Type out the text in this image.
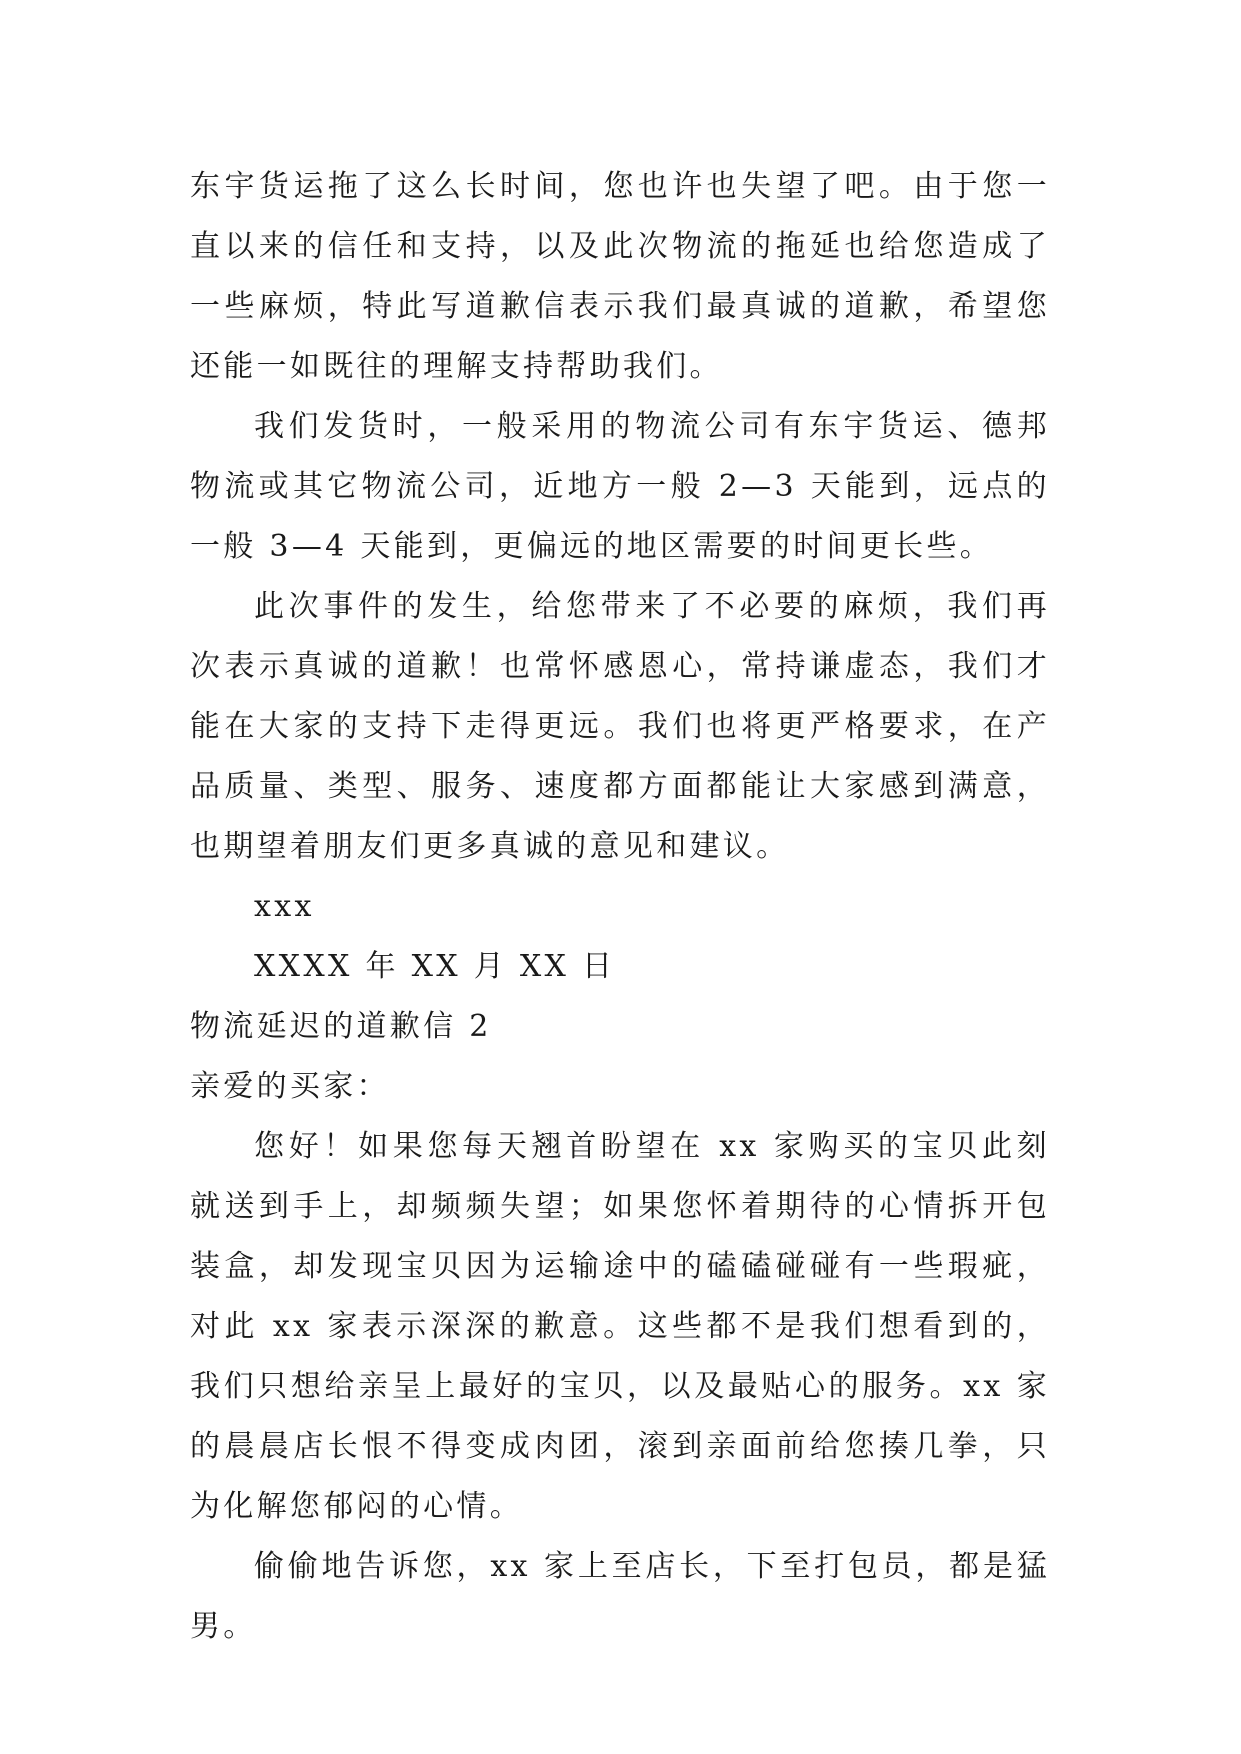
东宇货运拖了这么长时间，您也许也失望了吧。由于您一直以来的信任和支持，以及此次物流的拖延也给您造成了一些麻烦，特此写道歉信表示我们最真诚的道歉，希望您还能一如既往的理解支持帮助我们。

我们发货时，一般采用的物流公司有东宇货运、德邦物流或其它物流公司，近地方一般 2—3 天能到，远点的一般 3—4 天能到，更偏远的地区需要的时间更长些。

此次事件的发生，给您带来了不必要的麻烦，我们再次表示真诚的道歉！也常怀感恩心，常持谦虚态，我们才能在大家的支持下走得更远。我们也将更严格要求，在产品质量、类型、服务、速度都方面都能让大家感到满意，也期望着朋友们更多真诚的意见和建议。

xxx

XXXX 年 XX 月 XX 日

物流延迟的道歉信 2

亲爱的买家：

您好！如果您每天翘首盼望在 xx 家购买的宝贝此刻就送到手上，却频频失望；如果您怀着期待的心情拆开包装盒，却发现宝贝因为运输途中的磕磕碰碰有一些瑕疵，对此 xx 家表示深深的歉意。这些都不是我们想看到的，我们只想给亲呈上最好的宝贝，以及最贴心的服务。xx 家的晨晨店长恨不得变成肉团，滚到亲面前给您揍几拳，只为化解您郁闷的心情。

偷偷地告诉您，xx 家上至店长，下至打包员，都是猛男。
